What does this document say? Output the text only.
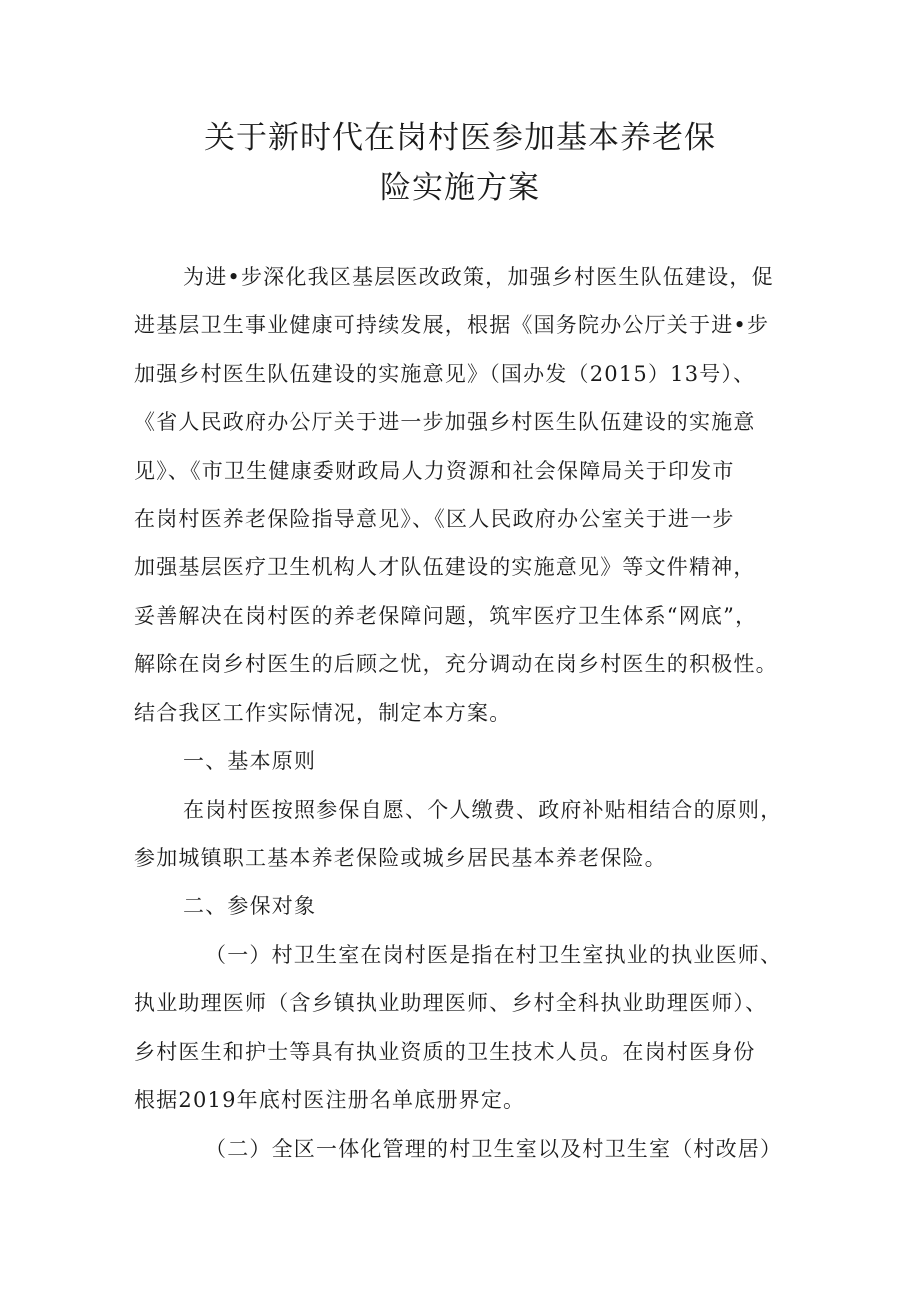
关于新时代在岗村医参加基本养老保
险实施方案

为进•步深化我区基层医改政策，加强乡村医生队伍建设，促

进基层卫生事业健康可持续发展，根据《国务院办公厅关于进•步

加强乡村医生队伍建设的实施意见》（国办发（2015）13号）、

《省人民政府办公厅关于进一步加强乡村医生队伍建设的实施意

见》、《市卫生健康委财政局人力资源和社会保障局关于印发市

在岗村医养老保险指导意见》、《区人民政府办公室关于进一步

加强基层医疗卫生机构人才队伍建设的实施意见》等文件精神，

妥善解决在岗村医的养老保障问题，筑牢医疗卫生体系“网底”，

解除在岗乡村医生的后顾之忧，充分调动在岗乡村医生的积极性。

结合我区工作实际情况，制定本方案。

一、基本原则

在岗村医按照参保自愿、个人缴费、政府补贴相结合的原则，

参加城镇职工基本养老保险或城乡居民基本养老保险。

二、参保对象

（一）村卫生室在岗村医是指在村卫生室执业的执业医师、

执业助理医师（含乡镇执业助理医师、乡村全科执业助理医师）、

乡村医生和护士等具有执业资质的卫生技术人员。在岗村医身份

根据2019年底村医注册名单底册界定。

（二）全区一体化管理的村卫生室以及村卫生室（村改居）
